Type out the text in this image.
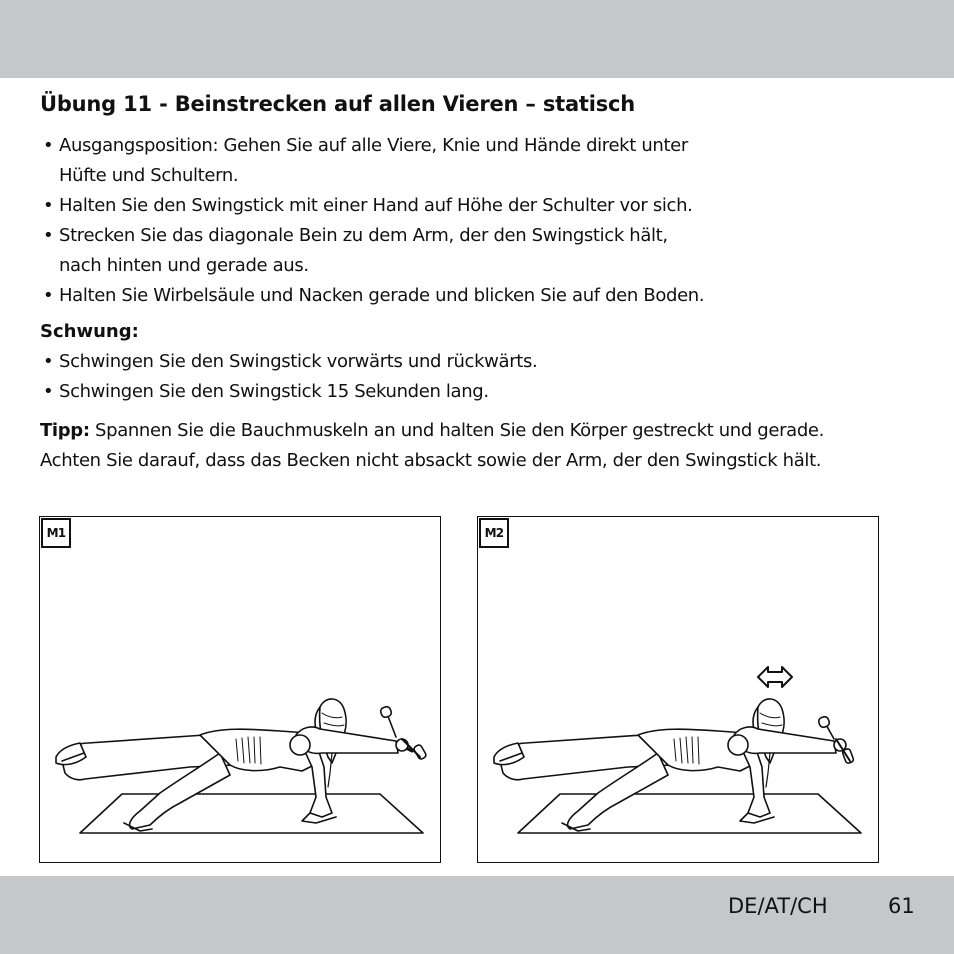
Übung 11 - Beinstrecken auf allen Vieren – statisch
• Ausgangsposition: Gehen Sie auf alle Viere, Knie und Hände direkt unter
Hüfte und Schultern.
• Halten Sie den Swingstick mit einer Hand auf Höhe der Schulter vor sich.
• Strecken Sie das diagonale Bein zu dem Arm, der den Swingstick hält,
nach hinten und gerade aus.
• Halten Sie Wirbelsäule und Nacken gerade und blicken Sie auf den Boden.
Schwung:
• Schwingen Sie den Swingstick vorwärts und rückwärts.
• Schwingen Sie den Swingstick 15 Sekunden lang.
Tipp: Spannen Sie die Bauchmuskeln an und halten Sie den Körper gestreckt und gerade.
Achten Sie darauf, dass das Becken nicht absackt sowie der Arm, der den Swingstick hält.
M1	M2
DE/AT/CH	61
